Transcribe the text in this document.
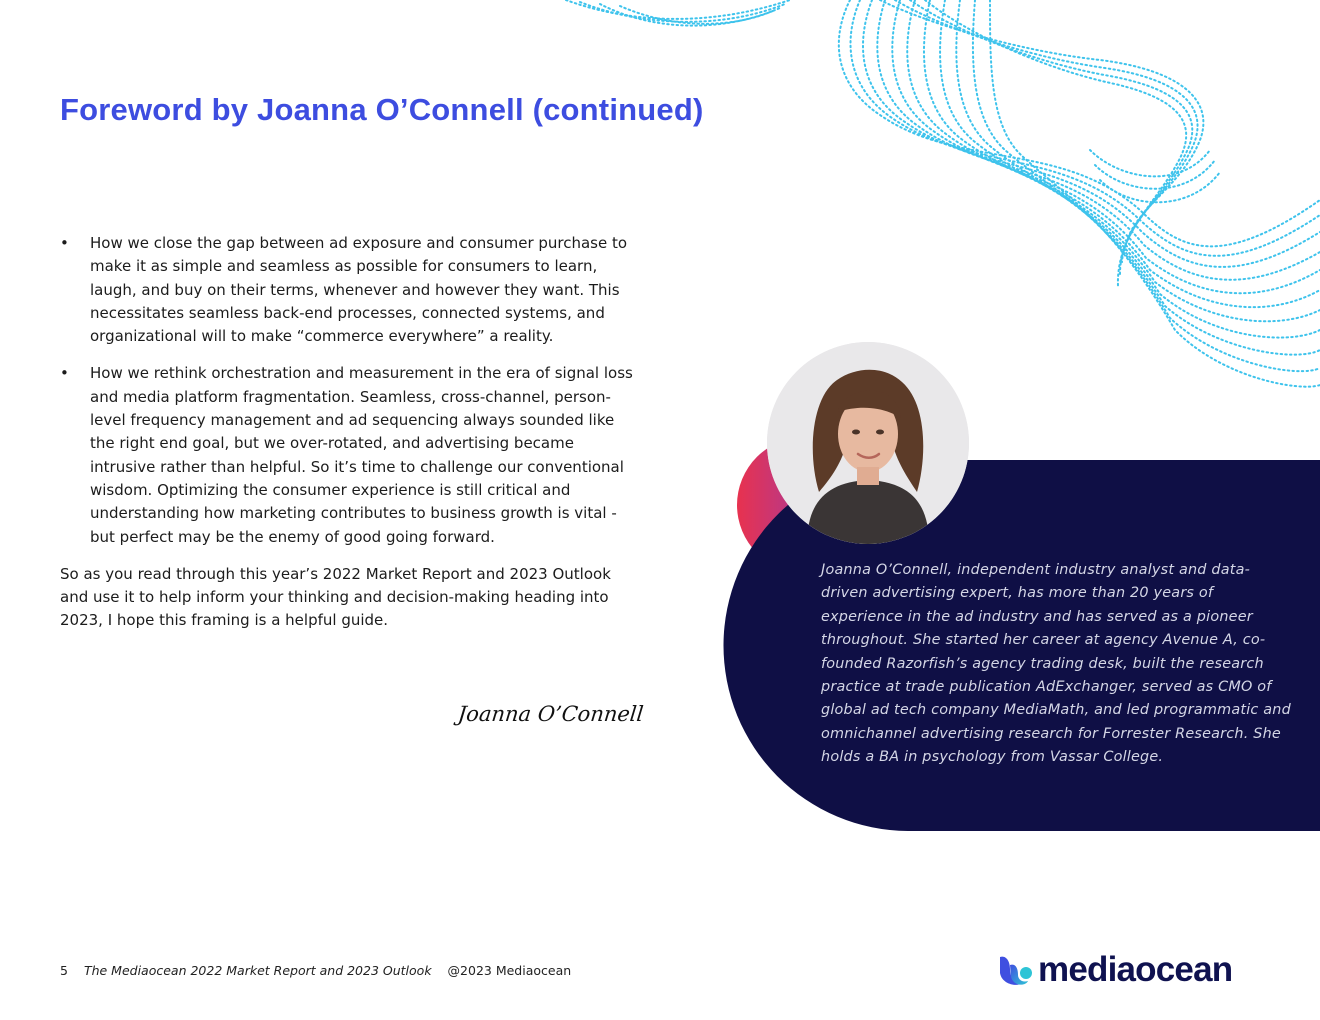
Foreword by Joanna O’Connell (continued)
• How we close the gap between ad exposure and consumer purchase to make it as simple and seamless as possible for consumers to learn, laugh, and buy on their terms, whenever and however they want. This necessitates seamless back-end processes, connected systems, and organizational will to make “commerce everywhere” a reality.
• How we rethink orchestration and measurement in the era of signal loss and media platform fragmentation. Seamless, cross-channel, person-level frequency management and ad sequencing always sounded like the right end goal, but we over-rotated, and advertising became intrusive rather than helpful. So it’s time to challenge our conventional wisdom. Optimizing the consumer experience is still critical and understanding how marketing contributes to business growth is vital - but perfect may be the enemy of good going forward.

So as you read through this year’s 2022 Market Report and 2023 Outlook and use it to help inform your thinking and decision-making heading into 2023, I hope this framing is a helpful guide.

Joanna O’Connell
Joanna O’Connell, independent industry analyst and data-driven advertising expert, has more than 20 years of experience in the ad industry and has served as a pioneer throughout. She started her career at agency Avenue A, co-founded Razorfish’s agency trading desk, built the research practice at trade publication AdExchanger, served as CMO of global ad tech company MediaMath, and led programmatic and omnichannel advertising research for Forrester Research. She holds a BA in psychology from Vassar College.
5 The Mediaocean 2022 Market Report and 2023 Outlook @2023 Mediaocean	mediaocean
